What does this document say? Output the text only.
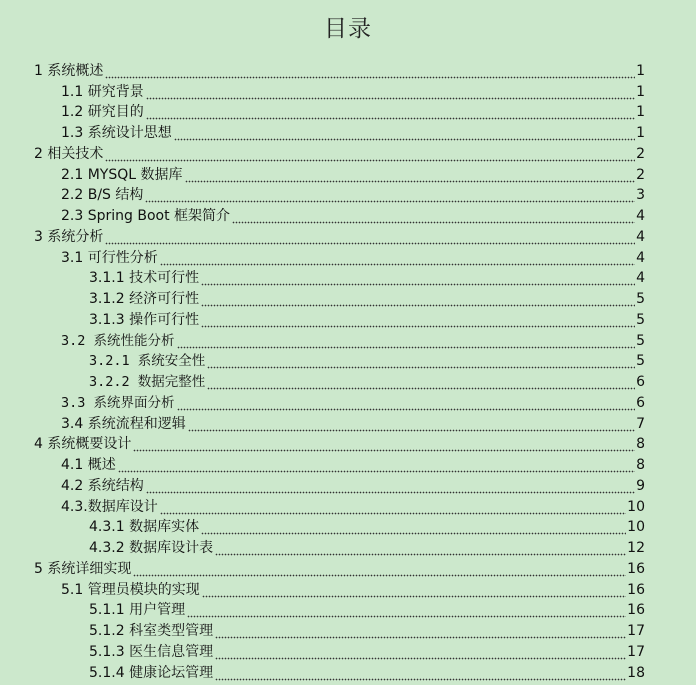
目录
1 系统概述	1
1.1 研究背景	1
1.2 研究目的	1
1.3 系统设计思想	1
2 相关技术	2
2.1 MYSQL 数据库	2
2.2 B/S 结构	3
2.3 Spring Boot 框架简介	4
3 系统分析	4
3.1 可行性分析	4
3.1.1 技术可行性	4
3.1.2 经济可行性	5
3.1.3 操作可行性	5
3.2 系统性能分析	5
3.2.1 系统安全性	5
3.2.2 数据完整性	6
3.3 系统界面分析	6
3.4 系统流程和逻辑	7
4 系统概要设计	8
4.1 概述	8
4.2 系统结构	9
4.3.数据库设计	10
4.3.1 数据库实体	10
4.3.2 数据库设计表	12
5 系统详细实现	16
5.1 管理员模块的实现	16
5.1.1 用户管理	16
5.1.2 科室类型管理	17
5.1.3 医生信息管理	17
5.1.4 健康论坛管理	18
